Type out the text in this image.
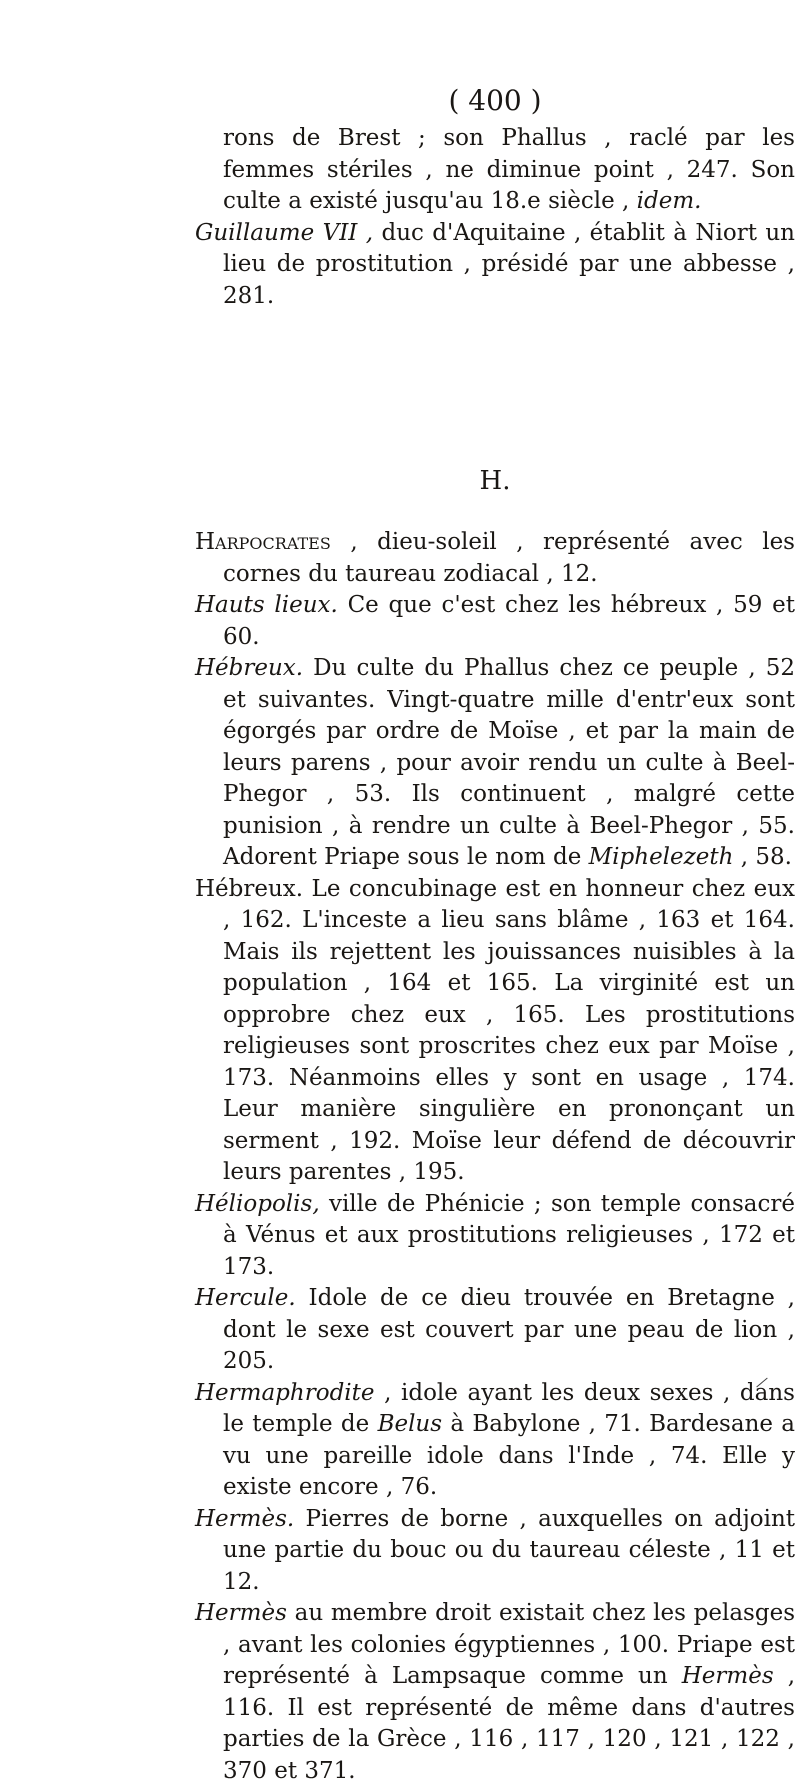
( 400 )

rons de Brest ; son Phallus , raclé par les femmes stériles , ne diminue point , 247. Son culte a existé jusqu'au 18.e siècle , idem.

Guillaume VII , duc d'Aquitaine , établit à Niort un lieu de prostitution , présidé par une abbesse , 281.

H.

Harpocrates , dieu-soleil , représenté avec les cornes du taureau zodiacal , 12.

Hauts lieux. Ce que c'est chez les hébreux , 59 et 60.

Hébreux. Du culte du Phallus chez ce peuple , 52 et suivantes. Vingt-quatre mille d'entr'eux sont égorgés par ordre de Moïse , et par la main de leurs parens , pour avoir rendu un culte à Beel-Phegor , 53. Ils continuent , malgré cette punision , à rendre un culte à Beel-Phegor , 55. Adorent Priape sous le nom de Miphelezeth , 58.

Hébreux. Le concubinage est en honneur chez eux , 162. L'inceste a lieu sans blâme , 163 et 164. Mais ils rejettent les jouissances nuisibles à la population , 164 et 165. La virginité est un opprobre chez eux , 165. Les prostitutions religieuses sont proscrites chez eux par Moïse , 173. Néanmoins elles y sont en usage , 174. Leur manière singulière en prononçant un serment , 192. Moïse leur défend de découvrir leurs parentes , 195.

Héliopolis, ville de Phénicie ; son temple consacré à Vénus et aux prostitutions religieuses , 172 et 173.

Hercule. Idole de ce dieu trouvée en Bretagne , dont le sexe est couvert par une peau de lion , 205.

Hermaphrodite , idole ayant les deux sexes , dans le temple de Belus à Babylone , 71. Bardesane a vu une pareille idole dans l'Inde , 74. Elle y existe encore , 76.

Hermès. Pierres de borne , auxquelles on adjoint une partie du bouc ou du taureau céleste , 11 et 12.

Hermès au membre droit existait chez les pelasges , avant les colonies égyptiennes , 100. Priape est représenté à Lampsaque comme un Hermès , 116. Il est représenté de même dans d'autres parties de la Grèce , 116 , 117 , 120 , 121 , 122 , 370 et 371.
